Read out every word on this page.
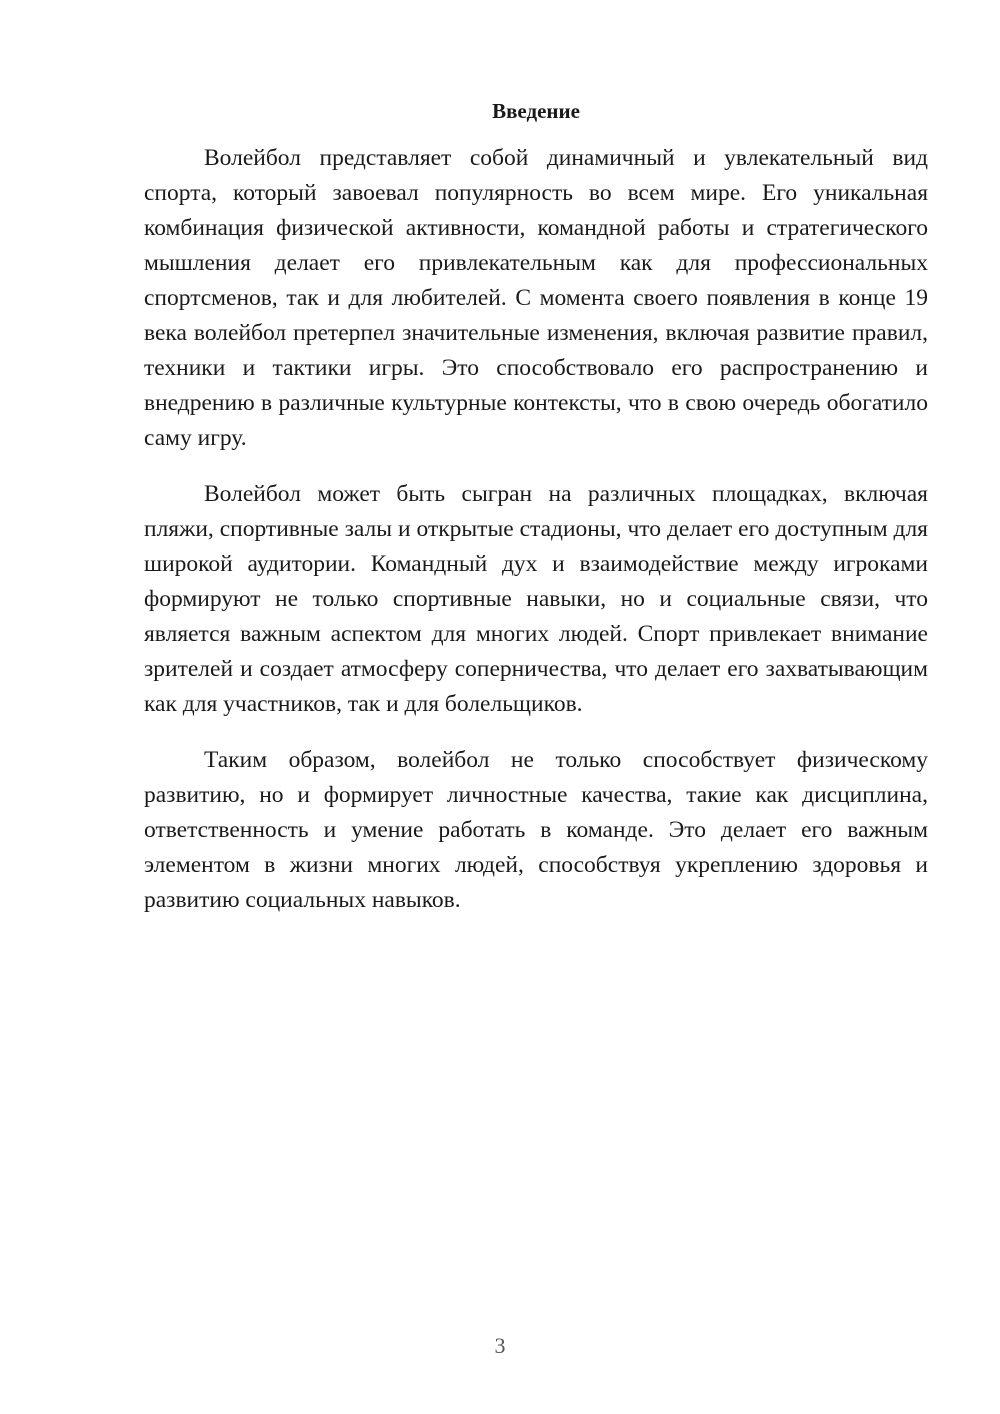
Введение

Волейбол представляет собой динамичный и увлекательный вид спорта, который завоевал популярность во всем мире. Его уникальная комбинация физической активности, командной работы и стратегического мышления делает его привлекательным как для профессиональных спортсменов, так и для любителей. С момента своего появления в конце 19 века волейбол претерпел значительные изменения, включая развитие правил, техники и тактики игры. Это способствовало его распространению и внедрению в различные культурные контексты, что в свою очередь обогатило саму игру.

Волейбол может быть сыгран на различных площадках, включая пляжи, спортивные залы и открытые стадионы, что делает его доступным для широкой аудитории. Командный дух и взаимодействие между игроками формируют не только спортивные навыки, но и социальные связи, что является важным аспектом для многих людей. Спорт привлекает внимание зрителей и создает атмосферу соперничества, что делает его захватывающим как для участников, так и для болельщиков.

Таким образом, волейбол не только способствует физическому развитию, но и формирует личностные качества, такие как дисциплина, ответственность и умение работать в команде. Это делает его важным элементом в жизни многих людей, способствуя укреплению здоровья и развитию социальных навыков.

3
